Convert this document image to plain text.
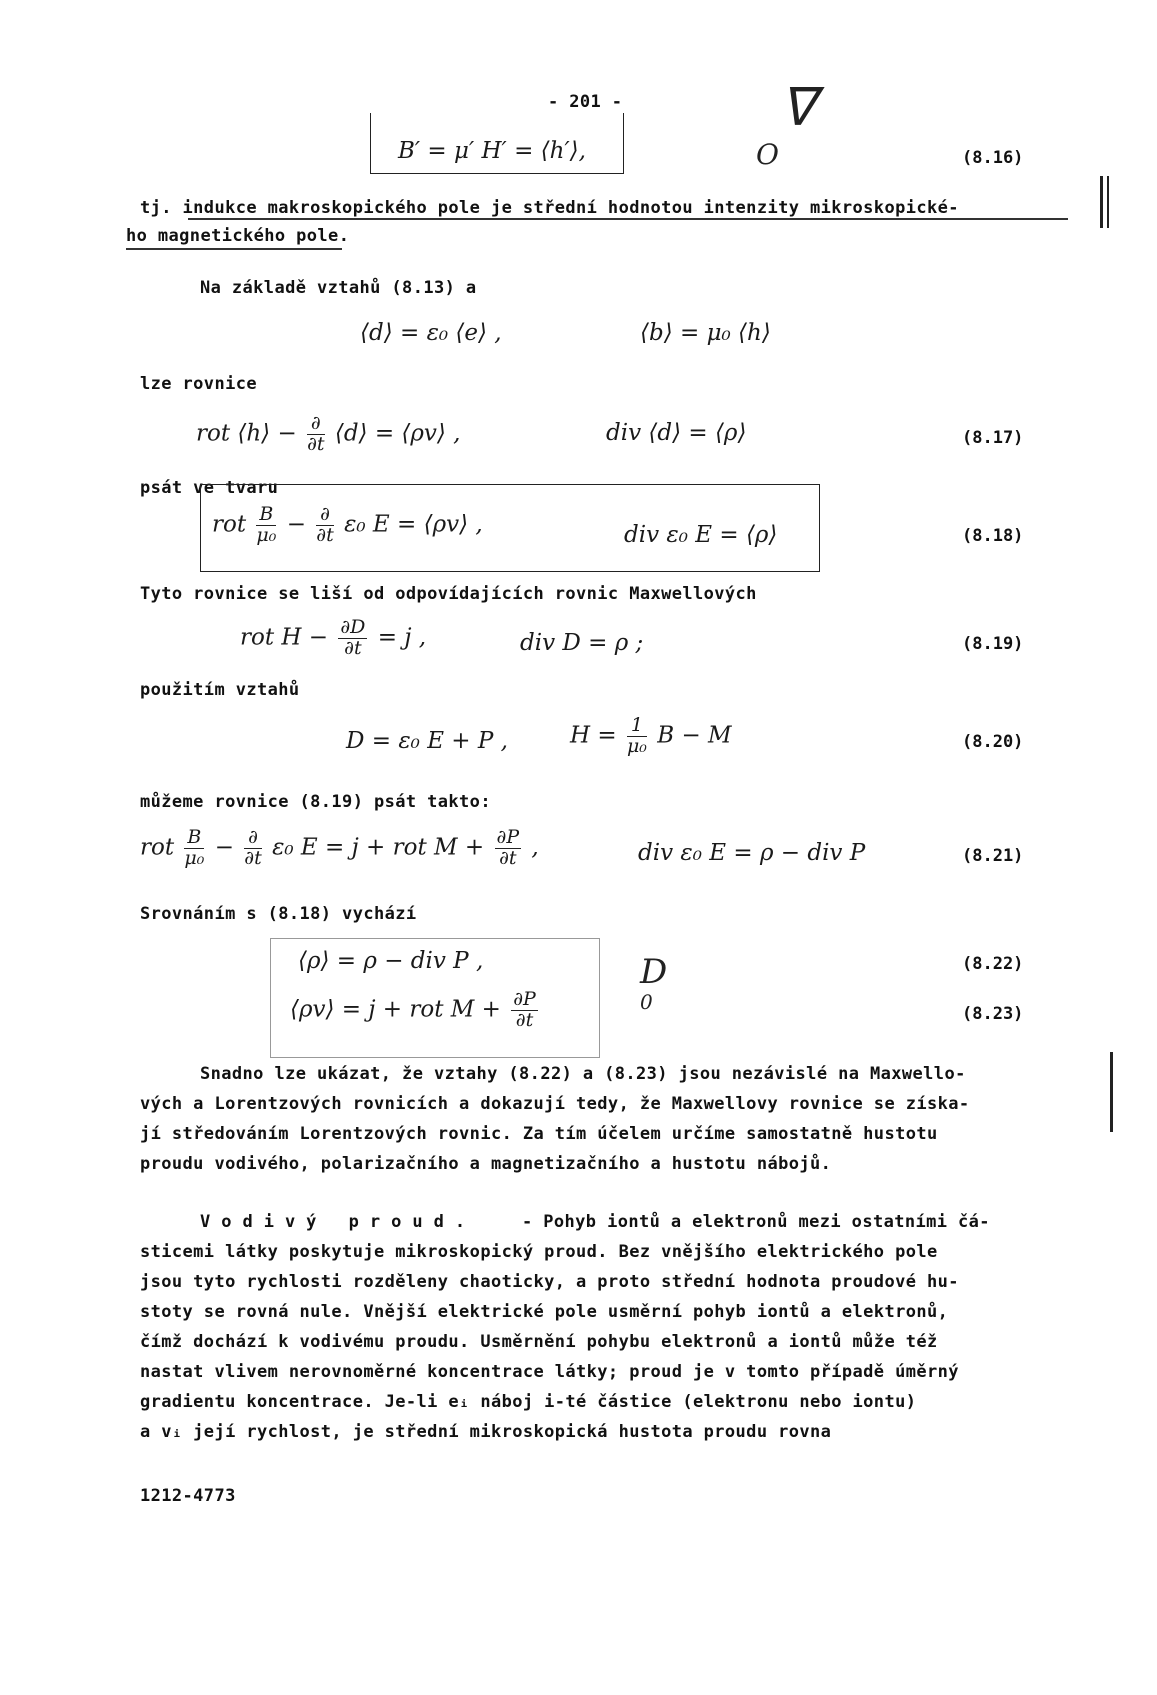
- 201 -
B′ = μ′ H′ = ⟨h′⟩,
ᐁ
O	(8.16)
tj. indukce makroskopického pole je střední hodnotou intenzity mikroskopické-
ho magnetického pole.
Na základě vztahů (8.13) a
⟨d⟩ = ε₀ ⟨e⟩ ,	⟨b⟩ = μ₀ ⟨h⟩
lze rovnice
rot ⟨h⟩ − $\frac{\partial}{\partial t}$ ⟨d⟩ = ⟨ρv⟩ ,	div ⟨d⟩ = ⟨ρ⟩	(8.17)
psát ve tvaru
rot $\frac{B}{\text{μ₀}} - \frac{\partial}{\partial t} \varepsilon_0$ E = ⟨ρv⟩ ,	div ε₀ E = ⟨ρ⟩	(8.18)
Tyto rovnice se liší od odpovídajících rovnic Maxwellových
rot $H - \frac{\partial D}{\partial t} = j$ ,	div D = ρ ;	(8.19)
použitím vztahů
D = ε₀ E + P ,	$H = \frac{1}{\text{μ₀}}$ B − M	(8.20)
můžeme rovnice (8.19) psát takto:
rot $\frac{B}{\text{μ₀}} - \frac{\partial}{\partial t} \varepsilon_0$ E = j + rot $M + \frac{\partial P}{\partial t}$ ,	div ε₀ E = ρ − div P	(8.21)
Srovnáním s (8.18) vychází
⟨ρ⟩ = ρ − div P ,	(8.22)
⟨ρv⟩ = j + rot $M + \frac{\partial P}{\partial t}$	(8.23)
D
0
Snadno lze ukázat, že vztahy (8.22) a (8.23) jsou nezávislé na Maxwello-
vých a Lorentzových rovnicích a dokazují tedy, že Maxwellovy rovnice se získa-
jí středováním Lorentzových rovnic. Za tím účelem určíme samostatně hustotu
proudu vodivého, polarizačního a magnetizačního a hustotu nábojů.
Vodivý proud.	- Pohyb iontů a elektronů mezi ostatními čá-
sticemi látky poskytuje mikroskopický proud. Bez vnějšího elektrického pole
jsou tyto rychlosti rozděleny chaoticky, a proto střední hodnota proudové hu-
stoty se rovná nule. Vnější elektrické pole usměrní pohyb iontů a elektronů,
čímž dochází k vodivému proudu. Usměrnění pohybu elektronů a iontů může též
nastat vlivem nerovnoměrné koncentrace látky; proud je v tomto případě úměrný
gradientu koncentrace. Je-li eᵢ náboj i-té částice (elektronu nebo iontu)
a vᵢ její rychlost, je střední mikroskopická hustota proudu rovna
1212-4773
